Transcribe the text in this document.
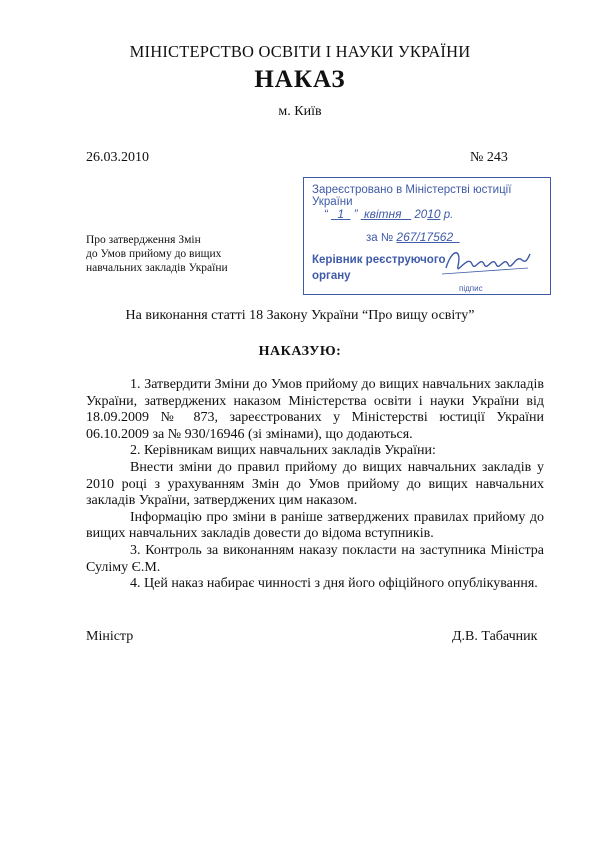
МІНІСТЕРСТВО ОСВІТИ І НАУКИ УКРАЇНИ
НАКАЗ
м. Київ
26.03.2010	№ 243
Про затвердження Змін
до Умов прийому до вищих
навчальних закладів України
Зареєстровано в Міністерстві юстиції України
“   1   ”  квітня 2010 р.
за № 267/17562
Керівник реєструючого
органу
підпис
На виконання статті 18 Закону України “Про вищу освіту”
НАКАЗУЮ:

1. Затвердити Зміни до Умов прийому до вищих навчальних закладів України, затверджених наказом Міністерства освіти і науки України від 18.09.2009 № 873, зареєстрованих у Міністерстві юстиції України 06.10.2009 за № 930/16946 (зі змінами), що додаються.

2. Керівникам вищих навчальних закладів України:

Внести зміни до правил прийому до вищих навчальних закладів у 2010 році з урахуванням Змін до Умов прийому до вищих навчальних закладів України, затверджених цим наказом.

Інформацію про зміни в раніше затверджених правилах прийому до вищих навчальних закладів довести до відома вступників.

3. Контроль за виконанням наказу покласти на заступника Міністра Суліму Є.М.

4. Цей наказ набирає чинності з дня його офіційного опублікування.

Міністр	Д.В. Табачник
